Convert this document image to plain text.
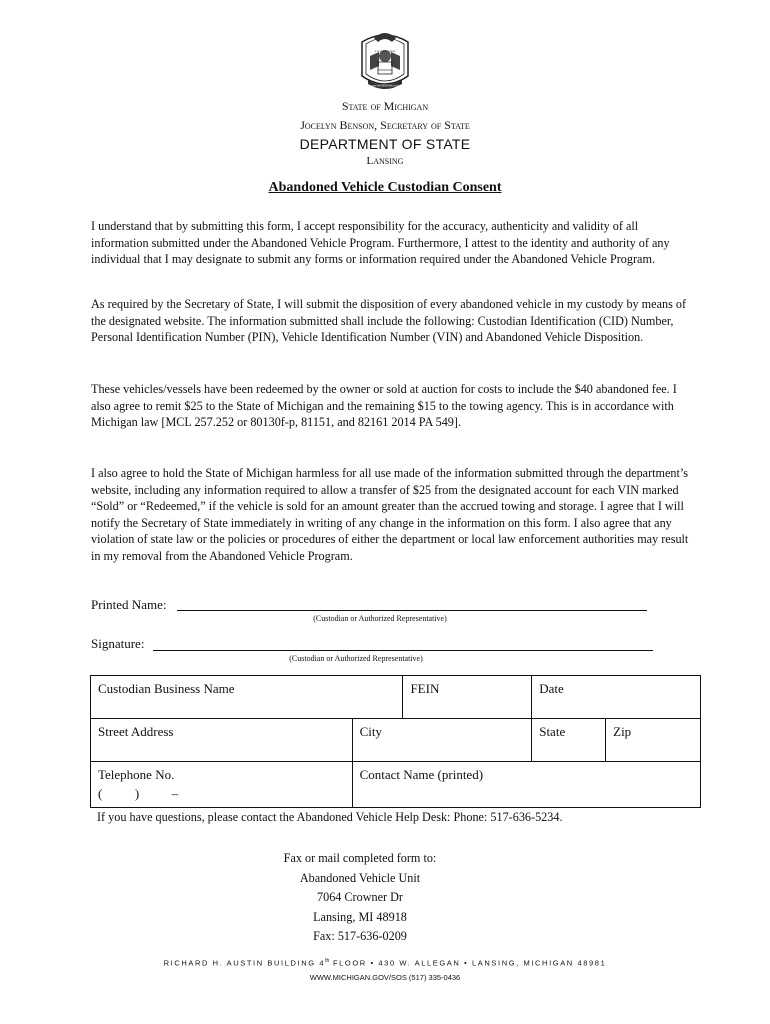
TUEBOR
E PLURIBUS UNUM
SI QUAERIS PENINSULAM AMOENAM CIRCUMSPICE
State of Michigan
Jocelyn Benson, Secretary of State
DEPARTMENT OF STATE
Lansing
Abandoned Vehicle Custodian Consent
I understand that by submitting this form, I accept responsibility for the accuracy, authenticity and validity of all information submitted under the Abandoned Vehicle Program. Furthermore, I attest to the identity and authority of any individual that I may designate to submit any forms or information required under the Abandoned Vehicle Program.
As required by the Secretary of State, I will submit the disposition of every abandoned vehicle in my custody by means of the designated website. The information submitted shall include the following: Custodian Identification (CID) Number, Personal Identification Number (PIN), Vehicle Identification Number (VIN) and Abandoned Vehicle Disposition.
These vehicles/vessels have been redeemed by the owner or sold at auction for costs to include the $40 abandoned fee. I also agree to remit $25 to the State of Michigan and the remaining $15 to the towing agency. This is in accordance with Michigan law [MCL 257.252 or 80130f-p, 81151, and 82161 2014 PA 549].
I also agree to hold the State of Michigan harmless for all use made of the information submitted through the department’s website, including any information required to allow a transfer of $25 from the designated account for each VIN marked “Sold” or “Redeemed,” if the vehicle is sold for an amount greater than the accrued towing and storage. I agree that I will notify the Secretary of State immediately in writing of any change in the information on this form. I also agree that any violation of state law or the policies or procedures of either the department or local law enforcement authorities may result in my removal from the Abandoned Vehicle Program.
Printed Name:
(Custodian or Authorized Representative)
Signature:
(Custodian or Authorized Representative)
Custodian Business Name		FEIN	Date	
Street Address	City		State	Zip

Telephone No.
(          )          –	Contact Name (printed)			
If you have questions, please contact the Abandoned Vehicle Help Desk: Phone: 517-636-5234.
Fax or mail completed form to:
Abandoned Vehicle Unit
7064 Crowner Dr
Lansing, MI 48918
Fax: 517-636-0209
RICHARD H. AUSTIN BUILDING 4th FLOOR • 430 W. ALLEGAN • LANSING, MICHIGAN 48981
WWW.MICHIGAN.GOV/SOS (517) 335-0436
